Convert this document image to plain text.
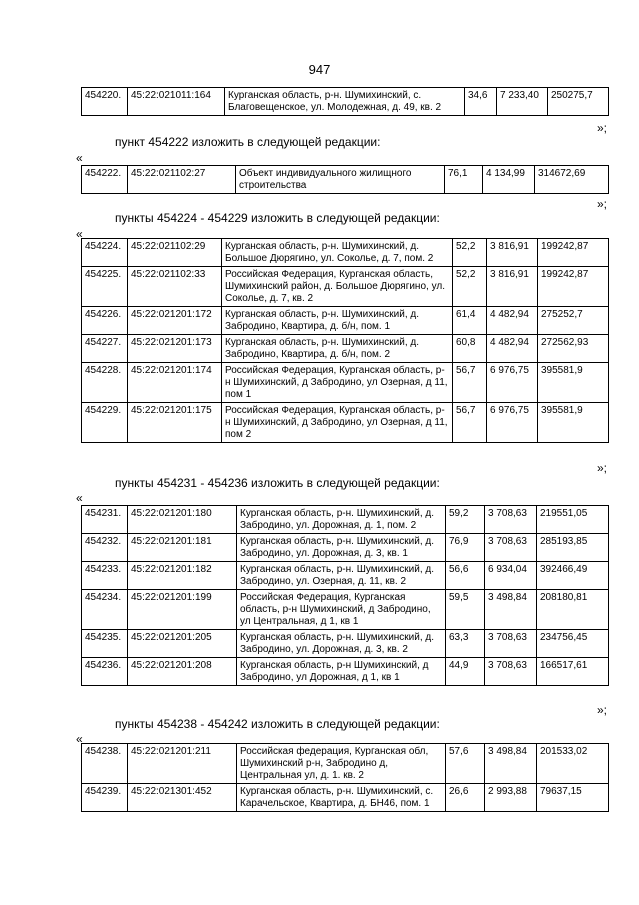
947
454220.	45:22:021011:164	Курганская область, р-н. Шумихинский, с. Благовещенское, ул. Молодежная, д. 49, кв. 2	34,6	7 233,40	250275,7
»;
пункт 454222 изложить в следующей редакции:
«
454222.	45:22:021102:27	Объект индивидуального жилищного строительства	76,1	4 134,99	314672,69
»;
пункты 454224 - 454229 изложить в следующей редакции:
«
454224.	45:22:021102:29	Курганская область, р-н. Шумихинский, д. Большое Дюрягино, ул. Соколье, д. 7, пом. 2	52,2	3 816,91	199242,87
454225.	45:22:021102:33	Российская Федерация, Курганская область, Шумихинский район, д. Большое Дюрягино, ул. Соколье, д. 7, кв. 2	52,2	3 816,91	199242,87
454226.	45:22:021201:172	Курганская область, р-н. Шумихинский, д. Забродино, Квартира, д. б/н, пом. 1	61,4	4 482,94	275252,7
454227.	45:22:021201:173	Курганская область, р-н. Шумихинский, д. Забродино, Квартира, д. б/н, пом. 2	60,8	4 482,94	272562,93
454228.	45:22:021201:174	Российская Федерация, Курганская область, р-н Шумихинский, д Забродино, ул Озерная, д 11, пом 1	56,7	6 976,75	395581,9
454229.	45:22:021201:175	Российская Федерация, Курганская область, р-н Шумихинский, д Забродино, ул Озерная, д 11, пом 2	56,7	6 976,75	395581,9
»;
пункты 454231 - 454236 изложить в следующей редакции:
«
454231.	45:22:021201:180	Курганская область, р-н. Шумихинский, д. Забродино, ул. Дорожная, д. 1, пом. 2	59,2	3 708,63	219551,05
454232.	45:22:021201:181	Курганская область, р-н. Шумихинский, д. Забродино, ул. Дорожная, д. 3, кв. 1	76,9	3 708,63	285193,85
454233.	45:22:021201:182	Курганская область, р-н. Шумихинский, д. Забродино, ул. Озерная, д. 11, кв. 2	56,6	6 934,04	392466,49
454234.	45:22:021201:199	Российская Федерация, Курганская область, р-н Шумихинский, д Забродино, ул Центральная, д 1, кв 1	59,5	3 498,84	208180,81
454235.	45:22:021201:205	Курганская область, р-н. Шумихинский, д. Забродино, ул. Дорожная, д. 3, кв. 2	63,3	3 708,63	234756,45
454236.	45:22:021201:208	Курганская область, р-н Шумихинский, д Забродино, ул Дорожная, д 1, кв 1	44,9	3 708,63	166517,61
»;
пункты 454238 - 454242 изложить в следующей редакции:
«
454238.	45:22:021201:211	Российская федерация, Курганская обл, Шумихинский р-н, Забродино д, Центральная ул, д. 1. кв. 2	57,6	3 498,84	201533,02
454239.	45:22:021301:452	Курганская область, р-н. Шумихинский, с. Карачельское, Квартира, д. БН46, пом. 1	26,6	2 993,88	79637,15
